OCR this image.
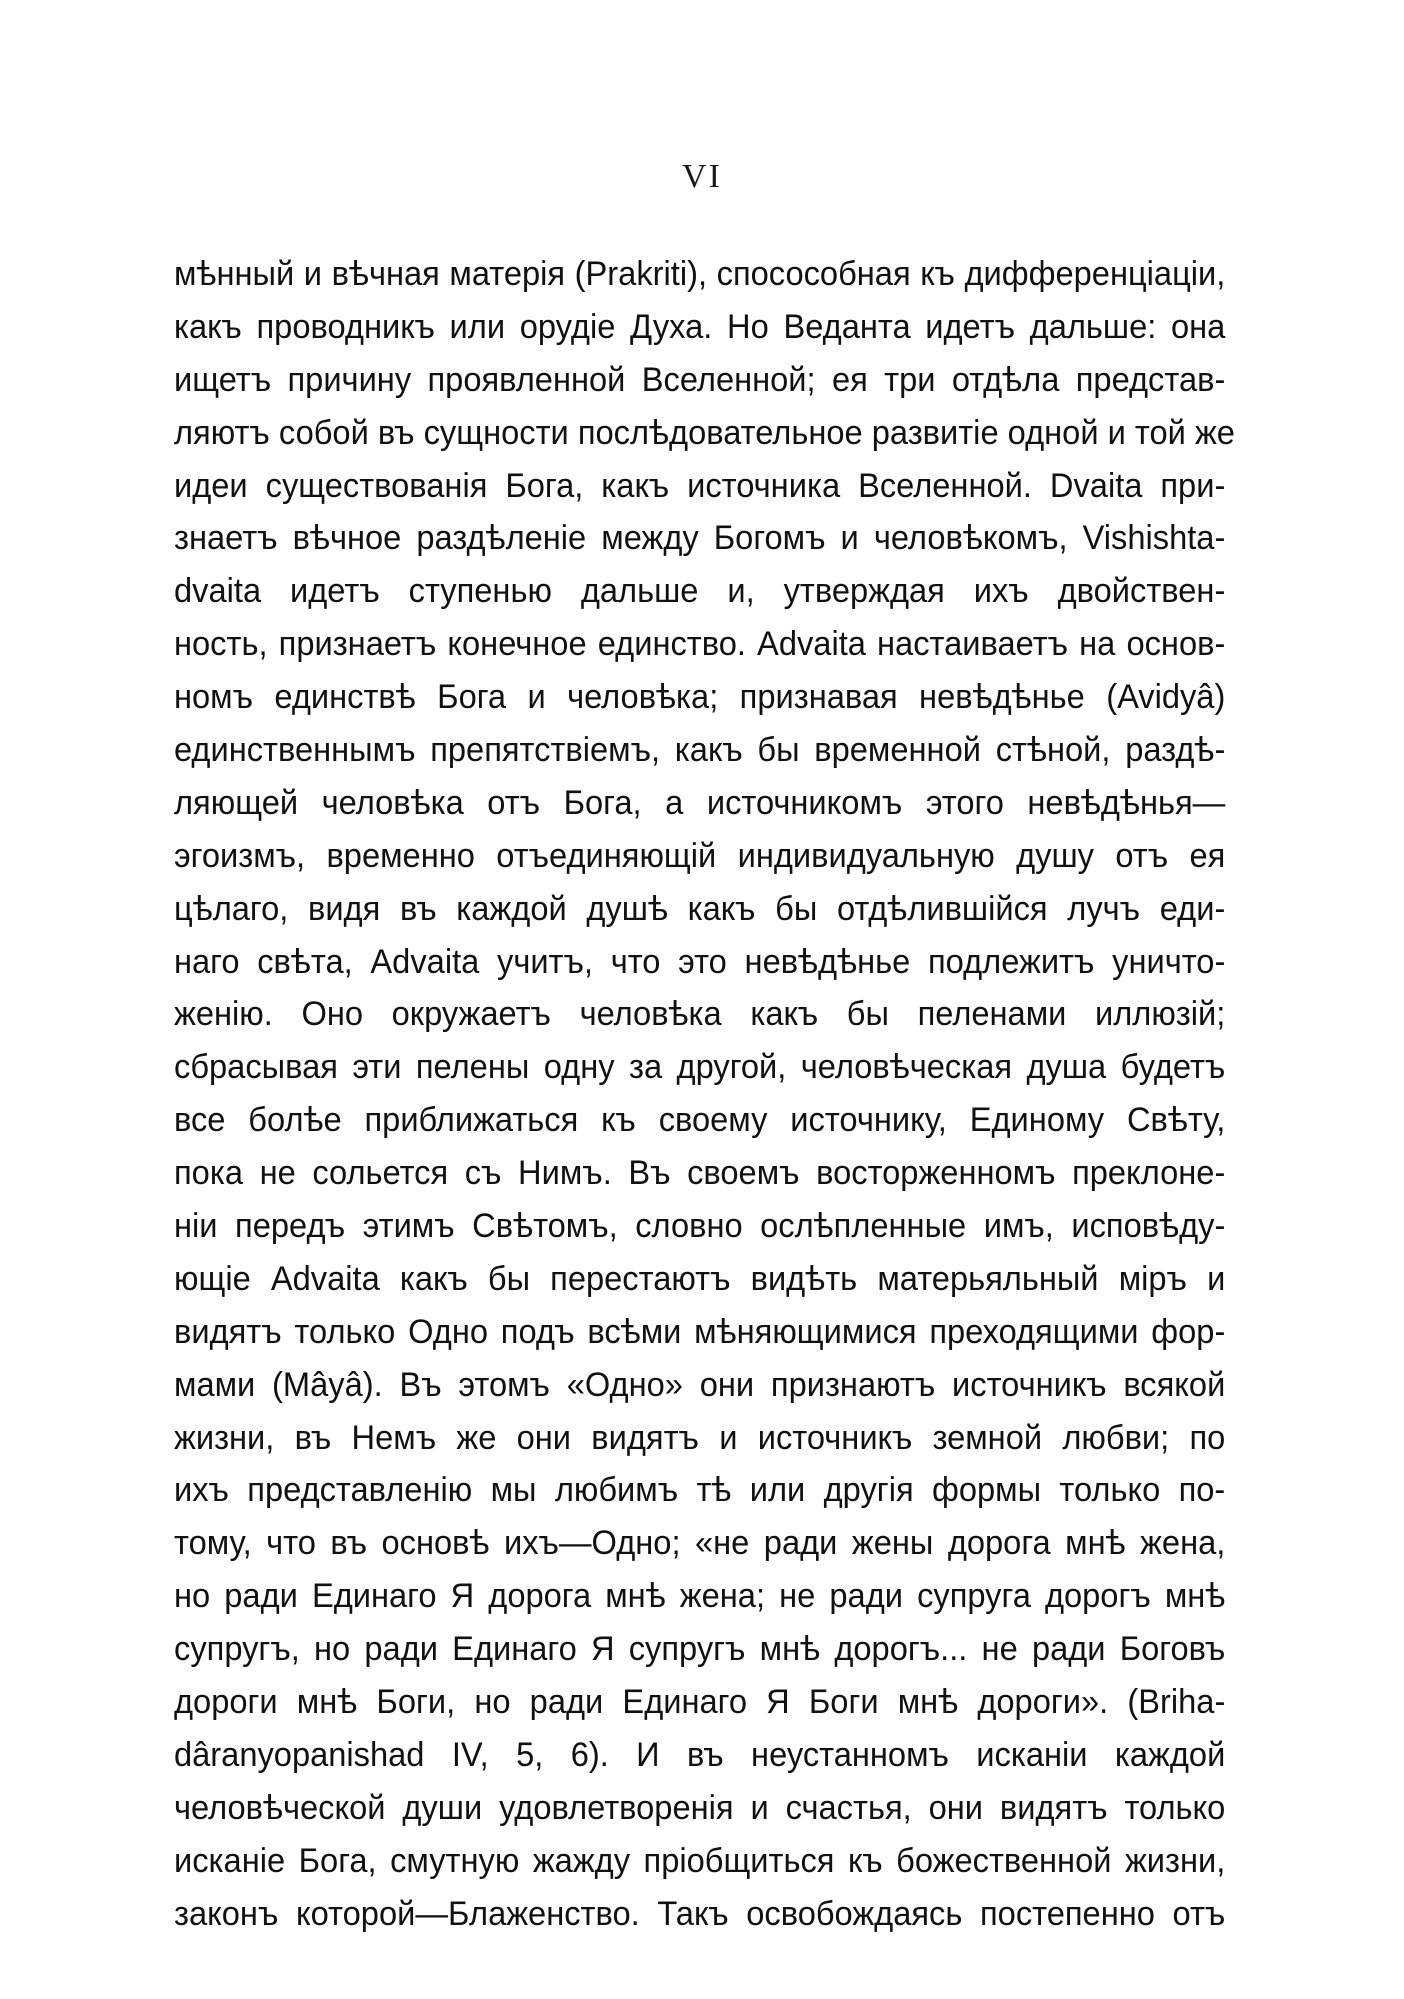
VI
мѣнный и вѣчная матерія (Prakriti), спососoбная къ дифференціаціи,
какъ проводникъ или орудіе Духа. Но Веданта идетъ дальше: она
ищетъ причину проявленной Вселенной; ея три отдѣла представ-
ляютъ собой въ сущности послѣдовательное развитіе одной и той же
идеи существованія Бога, какъ источника Вселенной. Dvaita при-
знаетъ вѣчное раздѣленіе между Богомъ и человѣкомъ, Vishishta-
dvaita идетъ ступенью дальше и, утверждая ихъ двойствен-
ность, признаетъ конечное единство. Advaita настаиваетъ на основ-
номъ единствѣ Бога и человѣка; признавая невѣдѣнье (Avidyâ)
единственнымъ препятствіемъ, какъ бы временной стѣной, раздѣ-
ляющей человѣка отъ Бога, а источникомъ этого невѣдѣнья—
эгоизмъ, временно отъединяющій индивидуальную душу отъ ея
цѣлаго, видя въ каждой душѣ какъ бы отдѣлившійся лучъ еди-
наго свѣта, Advaita учитъ, что это невѣдѣнье подлежитъ уничто-
женію. Оно окружаетъ человѣка какъ бы пеленами иллюзій;
сбрасывая эти пелены одну за другой, человѣческая душа будетъ
все болѣе приближаться къ своему источнику, Единому Свѣту,
пока не сольется съ Нимъ. Въ своемъ восторженномъ преклоне-
ніи передъ этимъ Свѣтомъ, словно ослѣпленные имъ, исповѣду-
ющіе Advaita какъ бы перестаютъ видѣть матерьяльный міръ и
видятъ только Одно подъ всѣми мѣняющимися преходящими фор-
мами (Mâyâ). Въ этомъ «Одно» они признаютъ источникъ всякой
жизни, въ Немъ же они видятъ и источникъ земной любви; по
ихъ представленію мы любимъ тѣ или другія формы только по-
тому, что въ основѣ ихъ—Одно; «не ради жены дорога мнѣ жена,
но ради Единаго Я дорога мнѣ жена; не ради супруга дорогъ мнѣ
супругъ, но ради Единаго Я супругъ мнѣ дорогъ... не ради Боговъ
дороги мнѣ Боги, но ради Единаго Я Боги мнѣ дороги». (Briha-
dâranyopanishad IV, 5, 6). И въ неустанномъ исканіи каждой
человѣческой души удовлетворенія и счастья, они видятъ только
исканіе Бога, смутную жажду пріобщиться къ божественной жизни,
законъ которой—Блаженство. Такъ освобождаясь постепенно отъ
